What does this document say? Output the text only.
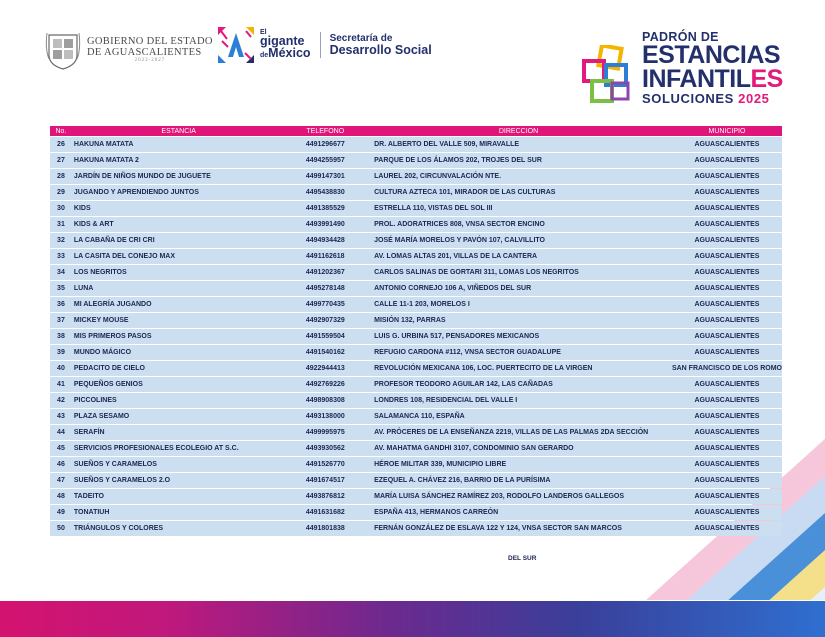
GOBIERNO DEL ESTADO
DE AGUASCALIENTES
2022-2027
El
gigante
deMéxico
Secretaría de
Desarrollo Social
PADRÓN DE
ESTANCIAS
INFANTILES
SOLUCIONES 2025
No.	ESTANCIA	TELEFONO	DIRECCION	MUNICIPIO
26	HAKUNA MATATA	4491296677	DR. ALBERTO DEL VALLE 509, MIRAVALLE	AGUASCALIENTES
27	HAKUNA MATATA 2	4494255957	PARQUE DE LOS ÁLAMOS 202, TROJES DEL SUR	AGUASCALIENTES
28	JARDÍN DE NIÑOS MUNDO DE JUGUETE	4499147301	LAUREL 202, CIRCUNVALACIÓN NTE.	AGUASCALIENTES
29	JUGANDO Y APRENDIENDO JUNTOS	4495438830	CULTURA AZTECA 101, MIRADOR DE LAS CULTURAS	AGUASCALIENTES
30	KIDS	4491385529	ESTRELLA 110, VISTAS DEL SOL III	AGUASCALIENTES
31	KIDS & ART	4493991490	PROL. ADORATRICES 808, VNSA SECTOR ENCINO	AGUASCALIENTES
32	LA CABAÑA DE CRI CRI	4494934428	JOSÉ MARÍA MORELOS Y PAVÓN 107, CALVILLITO	AGUASCALIENTES
33	LA CASITA DEL CONEJO MAX	4491162618	AV. LOMAS ALTAS 201, VILLAS DE LA CANTERA	AGUASCALIENTES
34	LOS NEGRITOS	4491202367	CARLOS SALINAS DE GORTARI 311, LOMAS LOS NEGRITOS	AGUASCALIENTES
35	LUNA	4495278148	ANTONIO CORNEJO 106 A, VIÑEDOS DEL SUR	AGUASCALIENTES
36	MI ALEGRÍA JUGANDO	4499770435	CALLE 11-1 203, MORELOS I	AGUASCALIENTES
37	MICKEY MOUSE	4492907329	MISIÓN 132, PARRAS	AGUASCALIENTES
38	MIS PRIMEROS PASOS	4491559504	LUIS G. URBINA 517, PENSADORES MEXICANOS	AGUASCALIENTES
39	MUNDO MÁGICO	4491540162	REFUGIO CARDONA #112, VNSA SECTOR GUADALUPE	AGUASCALIENTES
40	PEDACITO DE CIELO	4922944413	REVOLUCIÓN MEXICANA 106, LOC. PUERTECITO DE LA VIRGEN	SAN FRANCISCO DE LOS ROMO
41	PEQUEÑOS GENIOS	4492769226	PROFESOR TEODORO AGUILAR 142, LAS CAÑADAS	AGUASCALIENTES
42	PICCOLINES	4498908308	LONDRES 108, RESIDENCIAL DEL VALLE I	AGUASCALIENTES
43	PLAZA SESAMO	4493138000	SALAMANCA 110, ESPAÑA	AGUASCALIENTES
44	SERAFÍN	4499995975	AV. PRÓCERES DE LA ENSEÑANZA 2219, VILLAS DE LAS PALMAS 2DA SECCIÓN	AGUASCALIENTES
45	SERVICIOS PROFESIONALES ECOLEGIO AT S.C.	4493930562	AV. MAHATMA GANDHI 3107, CONDOMINIO SAN GERARDO	AGUASCALIENTES
46	SUEÑOS Y CARAMELOS	4491526770	HÉROE MILITAR 339, MUNICIPIO LIBRE	AGUASCALIENTES
47	SUEÑOS Y CARAMELOS 2.O	4491674517	EZEQUEL A. CHÁVEZ 216, BARRIO DE LA PURÍSIMA	AGUASCALIENTES
48	TADEITO	4493876812	MARÍA LUISA SÁNCHEZ RAMÍREZ 203, RODOLFO LANDEROS GALLEGOS	AGUASCALIENTES
49	TONATIUH	4491631682	ESPAÑA 413, HERMANOS CARREÓN	AGUASCALIENTES
50	TRIÁNGULOS Y COLORES	4491801838	FERNÁN GONZÁLEZ DE ESLAVA 122 Y 124, VNSA SECTOR SAN MARCOS	AGUASCALIENTES
DEL SUR
